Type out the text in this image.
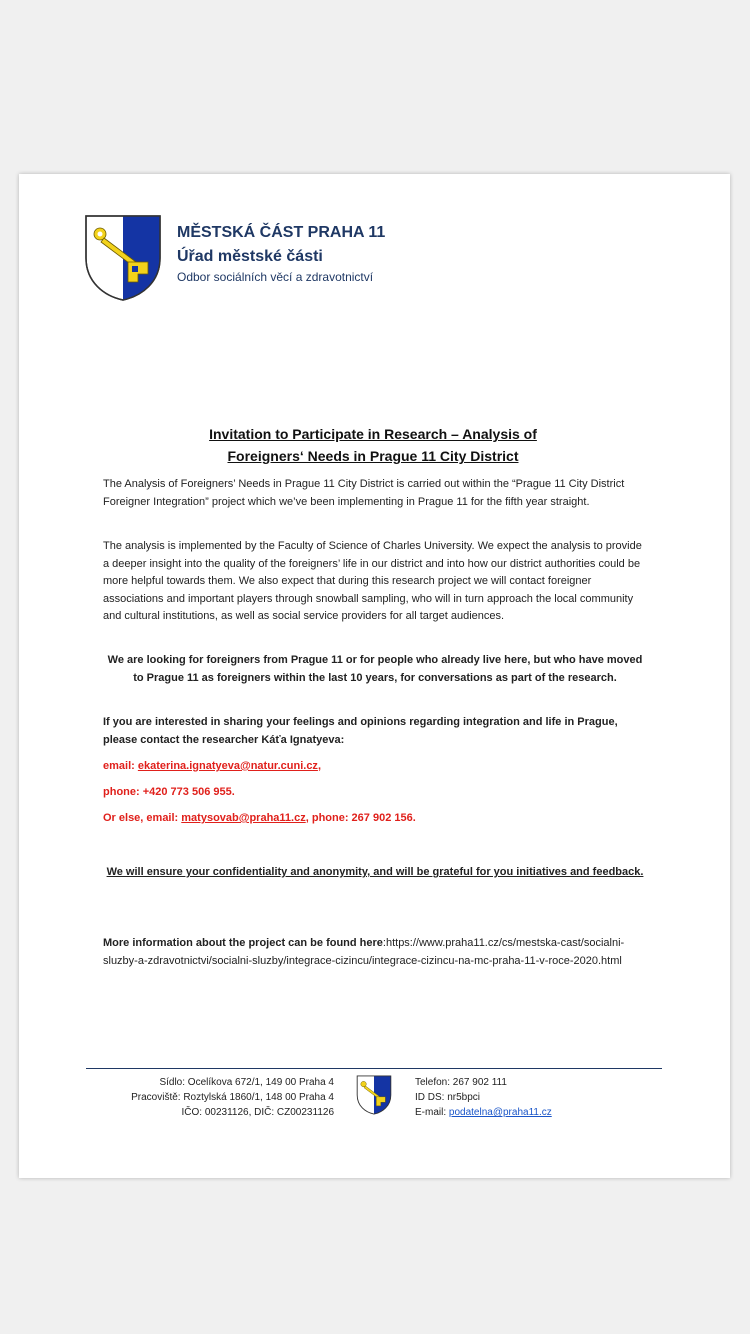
MĚSTSKÁ ČÁST PRAHA 11
Úřad městské části
Odbor sociálních věcí a zdravotnictví
Invitation to Participate in Research – Analysis of
Foreigners‘ Needs in Prague 11 City District
The Analysis of Foreigners’ Needs in Prague 11 City District is carried out within the “Prague 11 City District Foreigner Integration” project which we’ve been implementing in Prague 11 for the fifth year straight.
The analysis is implemented by the Faculty of Science of Charles University. We expect the analysis to provide a deeper insight into the quality of the foreigners’ life in our district and into how our district authorities could be more helpful towards them. We also expect that during this research project we will contact foreigner associations and important players through snowball sampling, who will in turn approach the local community and cultural institutions, as well as social service providers for all target audiences.
We are looking for foreigners from Prague 11 or for people who already live here, but who have moved to Prague 11 as foreigners within the last 10 years, for conversations as part of the research.
If you are interested in sharing your feelings and opinions regarding integration and life in Prague, please contact the researcher Káťa Ignatyeva:
email: ekaterina.ignatyeva@natur.cuni.cz,
phone: +420 773 506 955.
Or else, email: matysovab@praha11.cz, phone: 267 902 156.
We will ensure your confidentiality and anonymity, and will be grateful for you initiatives and feedback.
More information about the project can be found here:https://www.praha11.cz/cs/mestska-cast/socialni-sluzby-a-zdravotnictvi/socialni-sluzby/integrace-cizincu/integrace-cizincu-na-mc-praha-11-v-roce-2020.html
Sídlo: Ocelíkova 672/1, 149 00 Praha 4
Pracoviště: Roztylská 1860/1, 148 00 Praha 4
IČO: 00231126, DIČ: CZ00231126
Telefon: 267 902 111
ID DS: nr5bpci
E-mail: podatelna@praha11.cz
